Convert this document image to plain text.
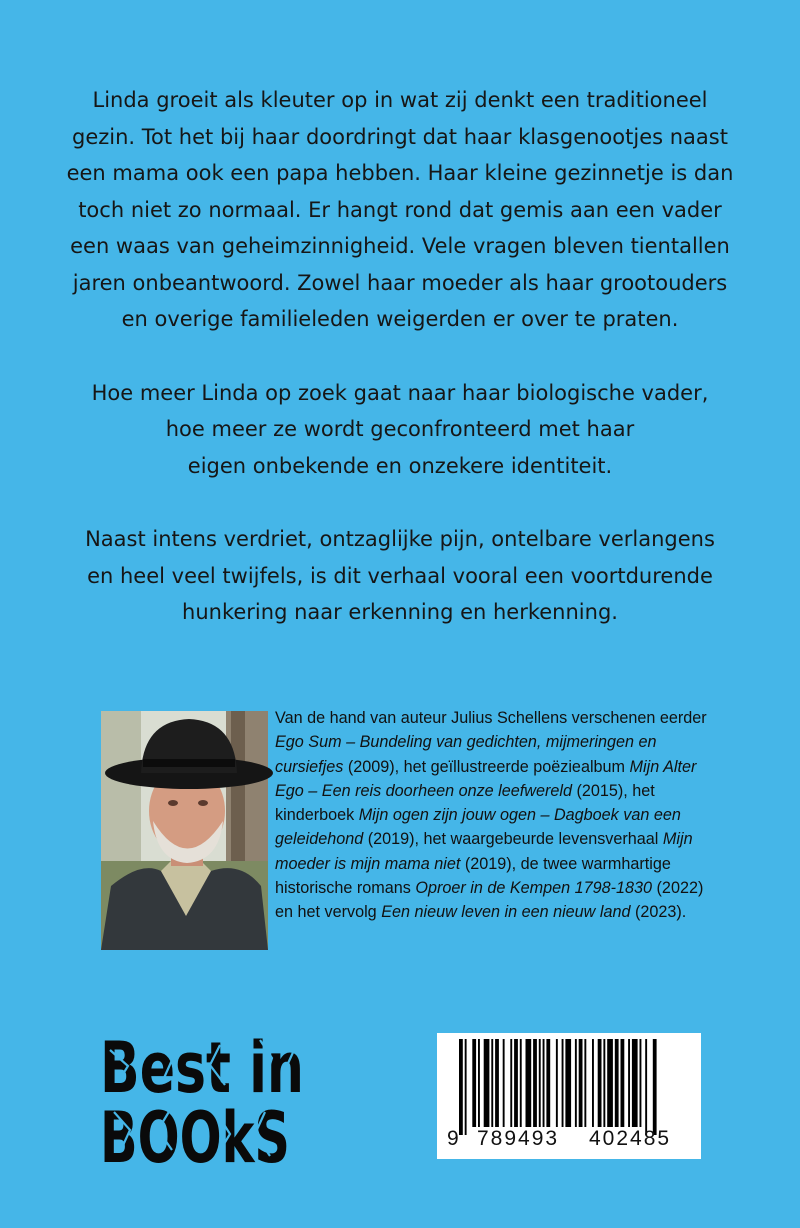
Linda groeit als kleuter op in wat zij denkt een traditioneel
gezin. Tot het bij haar doordringt dat haar klasgenootjes naast
een mama ook een papa hebben. Haar kleine gezinnetje is dan
toch niet zo normaal. Er hangt rond dat gemis aan een vader
een waas van geheimzinnigheid. Vele vragen bleven tientallen
jaren onbeantwoord. Zowel haar moeder als haar grootouders
en overige familieleden weigerden er over te praten.

Hoe meer Linda op zoek gaat naar haar biologische vader,
hoe meer ze wordt geconfronteerd met haar
eigen onbekende en onzekere identiteit.

Naast intens verdriet, ontzaglijke pijn, ontelbare verlangens
en heel veel twijfels, is dit verhaal vooral een voortdurende
hunkering naar erkenning en herkenning.

Van de hand van auteur Julius Schellens verschenen eerder Ego Sum – Bundeling van gedichten, mijmeringen en cursiefjes (2009), het geïllustreerde poëziealbum Mijn Alter Ego – Een reis doorheen onze leefwereld (2015), het kinderboek Mijn ogen zijn jouw ogen – Dagboek van een geleidehond (2019), het waargebeurde levensverhaal Mijn moeder is mijn mama niet (2019), de twee warmhartige historische romans Oproer in de Kempen 1798-1830 (2022) en het vervolg Een nieuw leven in een nieuw land (2023).
Best in
BOOkS	9 789493 402485
